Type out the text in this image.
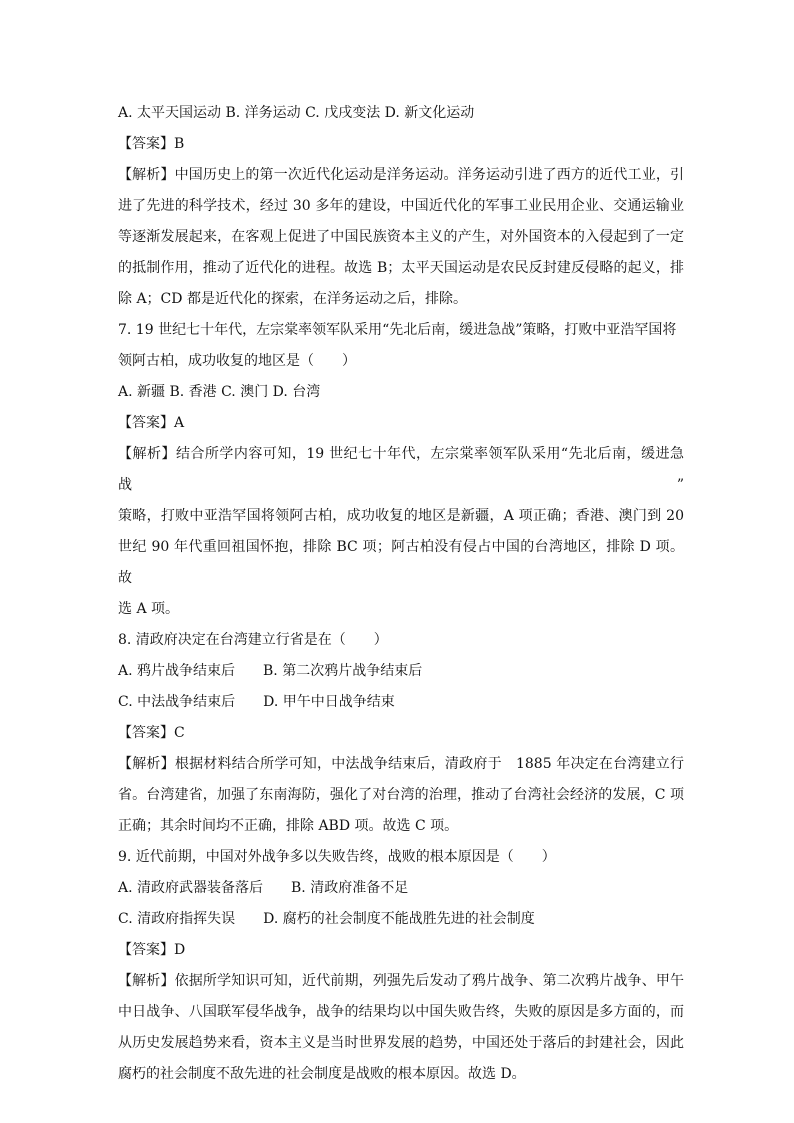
A. 太平天国运动 B. 洋务运动 C. 戊戌变法 D. 新文化运动
【答案】B
【解析】中国历史上的第一次近代化运动是洋务运动。洋务运动引进了西方的近代工业，引
进了先进的科学技术，经过 30 多年的建设，中国近代化的军事工业民用企业、交通运输业
等逐渐发展起来，在客观上促进了中国民族资本主义的产生，对外国资本的入侵起到了一定
的抵制作用，推动了近代化的进程。故选 B；太平天国运动是农民反封建反侵略的起义，排
除 A；CD 都是近代化的探索，在洋务运动之后，排除。
7. 19 世纪七十年代，左宗棠率领军队采用“先北后南，缓进急战”策略，打败中亚浩罕国将
领阿古柏，成功收复的地区是（　　）
A. 新疆 B. 香港 C. 澳门 D. 台湾
【答案】A
【解析】结合所学内容可知，19 世纪七十年代，左宗棠率领军队采用“先北后南，缓进急战”
策略，打败中亚浩罕国将领阿古柏，成功收复的地区是新疆，A 项正确；香港、澳门到 20
世纪 90 年代重回祖国怀抱，排除 BC 项；阿古柏没有侵占中国的台湾地区，排除 D 项。故
选 A 项。
8. 清政府决定在台湾建立行省是在（　　）
A. 鸦片战争结束后　　B. 第二次鸦片战争结束后
C. 中法战争结束后　　D. 甲午中日战争结束
【答案】C
【解析】根据材料结合所学可知，中法战争结束后，清政府于　1885 年决定在台湾建立行
省。台湾建省，加强了东南海防，强化了对台湾的治理，推动了台湾社会经济的发展，C 项
正确；其余时间均不正确，排除 ABD 项。故选 C 项。
9. 近代前期，中国对外战争多以失败告终，战败的根本原因是（　　）
A. 清政府武器装备落后　　B. 清政府准备不足
C. 清政府指挥失误　　D. 腐朽的社会制度不能战胜先进的社会制度
【答案】D
【解析】依据所学知识可知，近代前期，列强先后发动了鸦片战争、第二次鸦片战争、甲午
中日战争、八国联军侵华战争，战争的结果均以中国失败告终，失败的原因是多方面的，而
从历史发展趋势来看，资本主义是当时世界发展的趋势，中国还处于落后的封建社会，因此
腐朽的社会制度不敌先进的社会制度是战败的根本原因。故选 D。
